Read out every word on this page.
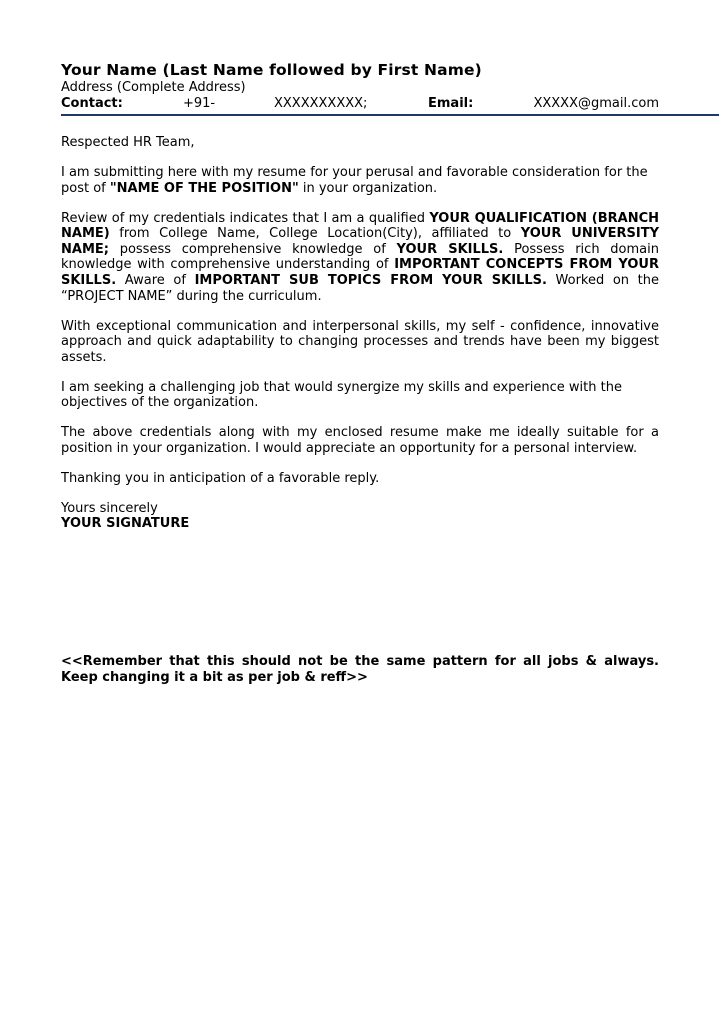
Your Name (Last Name followed by First Name)
Address (Complete Address)
Contact:	+91-	XXXXXXXXXX;	Email:	XXXXX@gmail.com

Respected HR Team,

I am submitting here with my resume for your perusal and favorable consideration for the post of "NAME OF THE POSITION" in your organization.

Review of my credentials indicates that I am a qualified YOUR QUALIFICATION (BRANCH NAME) from College Name, College Location(City), affiliated to YOUR UNIVERSITY NAME; possess comprehensive knowledge of YOUR SKILLS. Possess rich domain knowledge with comprehensive understanding of IMPORTANT CONCEPTS FROM YOUR SKILLS. Aware of IMPORTANT SUB TOPICS FROM YOUR SKILLS. Worked on the “PROJECT NAME” during the curriculum.

With exceptional communication and interpersonal skills, my self - confidence, innovative approach and quick adaptability to changing processes and trends have been my biggest assets.

I am seeking a challenging job that would synergize my skills and experience with the objectives of the organization.

The above credentials along with my enclosed resume make me ideally suitable for a position in your organization. I would appreciate an opportunity for a personal interview.

Thanking you in anticipation of a favorable reply.

Yours sincerely

YOUR SIGNATURE

<<Remember that this should not be the same pattern for all jobs & always. Keep changing it a bit as per job & reff>>
